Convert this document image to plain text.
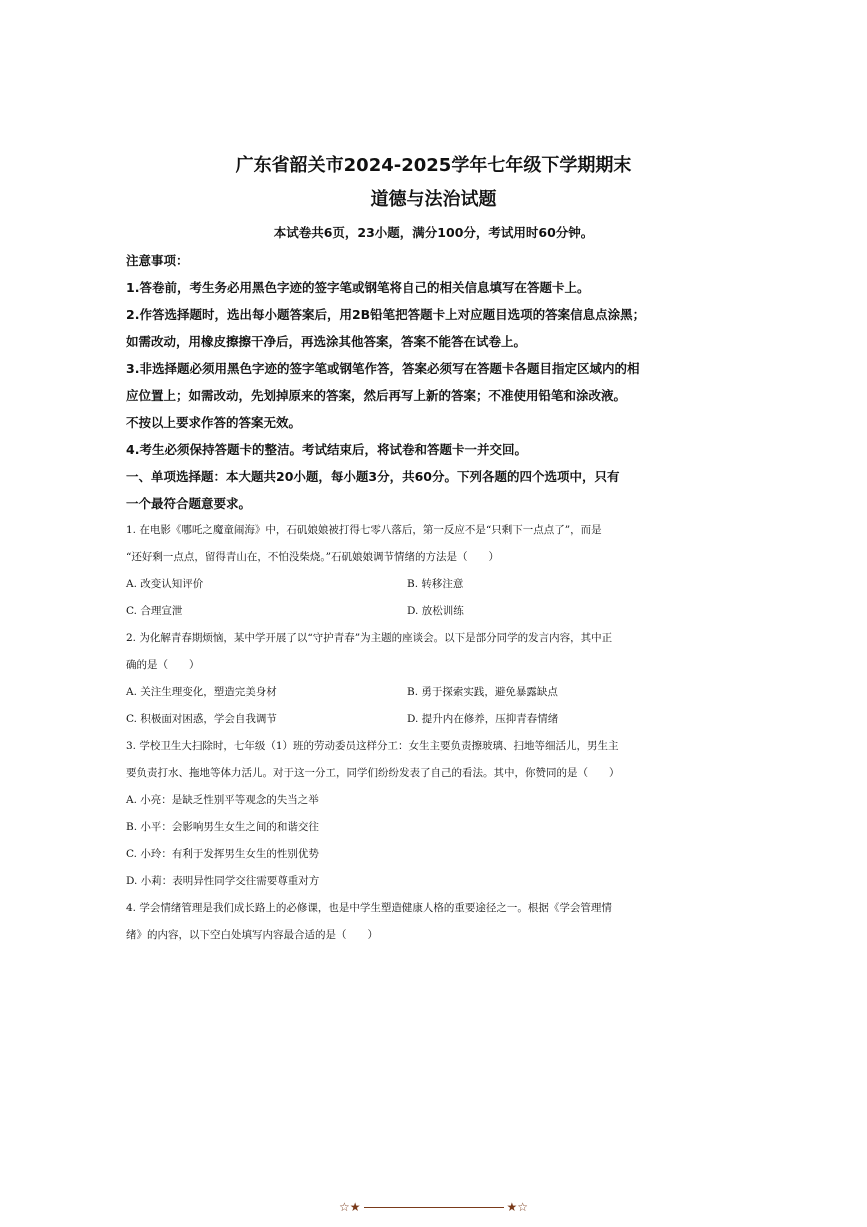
广东省韶关市2024-2025学年七年级下学期期末
道德与法治试题
本试卷共6页，23小题，满分100分，考试用时60分钟。
注意事项：
1.答卷前，考生务必用黑色字迹的签字笔或钢笔将自己的相关信息填写在答题卡上。
2.作答选择题时，选出每小题答案后，用2B铅笔把答题卡上对应题目选项的答案信息点涂黑；
如需改动，用橡皮擦擦干净后，再选涂其他答案，答案不能答在试卷上。
3.非选择题必须用黑色字迹的签字笔或钢笔作答，答案必须写在答题卡各题目指定区域内的相
应位置上；如需改动，先划掉原来的答案，然后再写上新的答案；不准使用铅笔和涂改液。
不按以上要求作答的答案无效。
4.考生必须保持答题卡的整洁。考试结束后，将试卷和答题卡一并交回。
一、单项选择题：本大题共20小题，每小题3分，共60分。下列各题的四个选项中，只有
一个最符合题意要求。
1. 在电影《哪吒之魔童闹海》中，石矶娘娘被打得七零八落后，第一反应不是“只剩下一点点了”，而是
“还好剩一点点，留得青山在，不怕没柴烧。”石矶娘娘调节情绪的方法是（　　）
A. 改变认知评价	B. 转移注意
C. 合理宣泄	D. 放松训练
2. 为化解青春期烦恼，某中学开展了以“守护青春”为主题的座谈会。以下是部分同学的发言内容，其中正
确的是（　　）
A. 关注生理变化，塑造完美身材	B. 勇于探索实践，避免暴露缺点
C. 积极面对困惑，学会自我调节	D. 提升内在修养，压抑青春情绪
3. 学校卫生大扫除时，七年级（1）班的劳动委员这样分工：女生主要负责擦玻璃、扫地等细活儿，男生主
要负责打水、拖地等体力活儿。对于这一分工，同学们纷纷发表了自己的看法。其中，你赞同的是（　　）
A. 小亮：是缺乏性别平等观念的失当之举
B. 小平：会影响男生女生之间的和谐交往
C. 小玲：有利于发挥男生女生的性别优势
D. 小莉：表明异性同学交往需要尊重对方
4. 学会情绪管理是我们成长路上的必修课，也是中学生塑造健康人格的重要途径之一。根据《学会管理情
绪》的内容，以下空白处填写内容最合适的是（　　）
☆★	★☆
